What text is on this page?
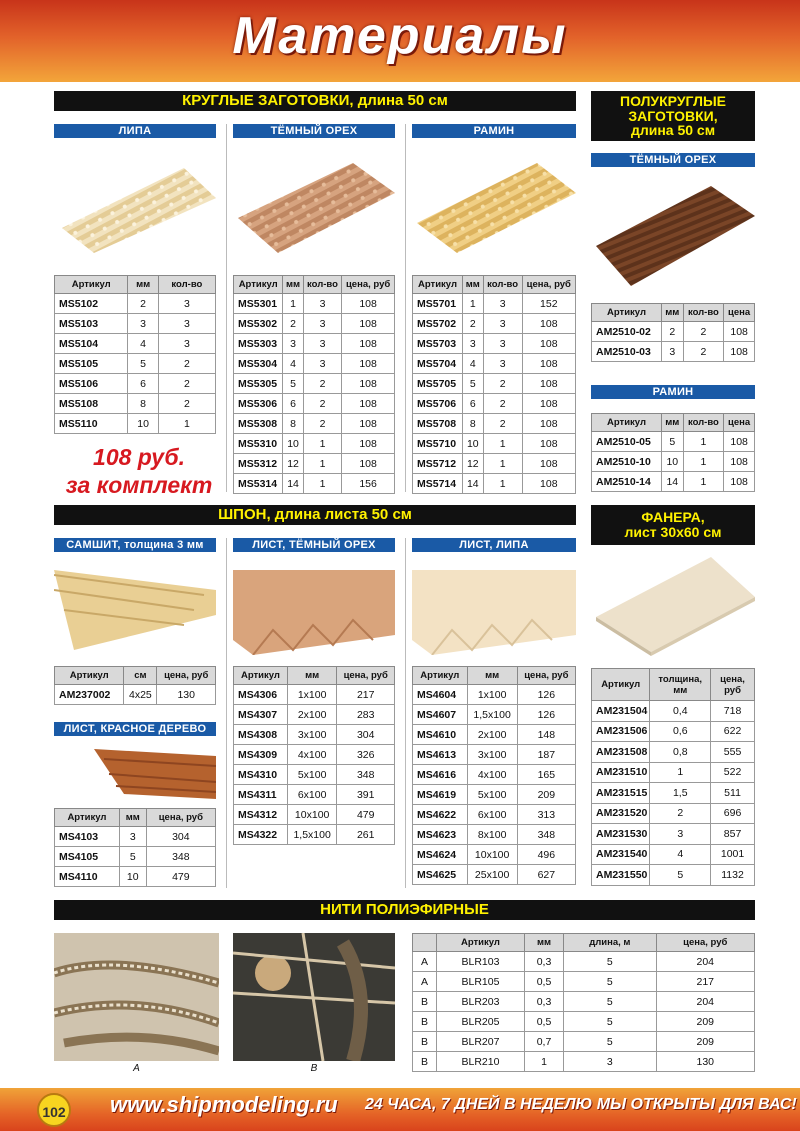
Материалы
КРУГЛЫЕ ЗАГОТОВКИ, длина 50 см
ЛИПА
Артикул	мм	кол-во
MS5102	2	3
MS5103	3	3
MS5104	4	3
MS5105	5	2
MS5106	6	2
MS5108	8	2
MS5110	10	1
108 руб.
за комплект
ТЁМНЫЙ ОРЕХ
Артикул	мм	кол-во	цена, руб
MS5301	1	3	108
MS5302	2	3	108
MS5303	3	3	108
MS5304	4	3	108
MS5305	5	2	108
MS5306	6	2	108
MS5308	8	2	108
MS5310	10	1	108
MS5312	12	1	108
MS5314	14	1	156
РАМИН
Артикул	мм	кол-во	цена, руб
MS5701	1	3	152
MS5702	2	3	108
MS5703	3	3	108
MS5704	4	3	108
MS5705	5	2	108
MS5706	6	2	108
MS5708	8	2	108
MS5710	10	1	108
MS5712	12	1	108
MS5714	14	1	108
ПОЛУКРУГЛЫЕ
ЗАГОТОВКИ,
длина 50 см
ТЁМНЫЙ ОРЕХ
Артикул	мм	кол-во	цена
AM2510-02	2	2	108
AM2510-03	3	2	108
РАМИН
Артикул	мм	кол-во	цена
AM2510-05	5	1	108
AM2510-10	10	1	108
AM2510-14	14	1	108
ШПОН, длина листа 50 см
САМШИТ, толщина 3 мм
Артикул	см	цена, руб
AM237002	4x25	130
ЛИСТ, КРАСНОЕ ДЕРЕВО
Артикул	мм	цена, руб
MS4103	3	304
MS4105	5	348
MS4110	10	479
ЛИСТ, ТЁМНЫЙ ОРЕХ
Артикул	мм	цена, руб
MS4306	1x100	217
MS4307	2x100	283
MS4308	3x100	304
MS4309	4x100	326
MS4310	5x100	348
MS4311	6x100	391
MS4312	10x100	479
MS4322	1,5x100	261
ЛИСТ, ЛИПА
Артикул	мм	цена, руб
MS4604	1x100	126
MS4607	1,5x100	126
MS4610	2x100	148
MS4613	3x100	187
MS4616	4x100	165
MS4619	5x100	209
MS4622	6x100	313
MS4623	8x100	348
MS4624	10x100	496
MS4625	25x100	627
ФАНЕРА,
лист 30x60 см
Артикул	толщина, мм	цена, руб
AM231504	0,4	718
AM231506	0,6	622
AM231508	0,8	555
AM231510	1	522
AM231515	1,5	511
AM231520	2	696
AM231530	3	857
AM231540	4	1001
AM231550	5	1132
НИТИ ПОЛИЭФИРНЫЕ
A	B
	Артикул	мм	длина, м	цена, руб
A	BLR103	0,3	5	204
A	BLR105	0,5	5	217
B	BLR203	0,3	5	204
B	BLR205	0,5	5	209
B	BLR207	0,7	5	209
B	BLR210	1	3	130
102 www.shipmodeling.ru 24 ЧАСА, 7 ДНЕЙ В НЕДЕЛЮ МЫ ОТКРЫТЫ ДЛЯ ВАС!
